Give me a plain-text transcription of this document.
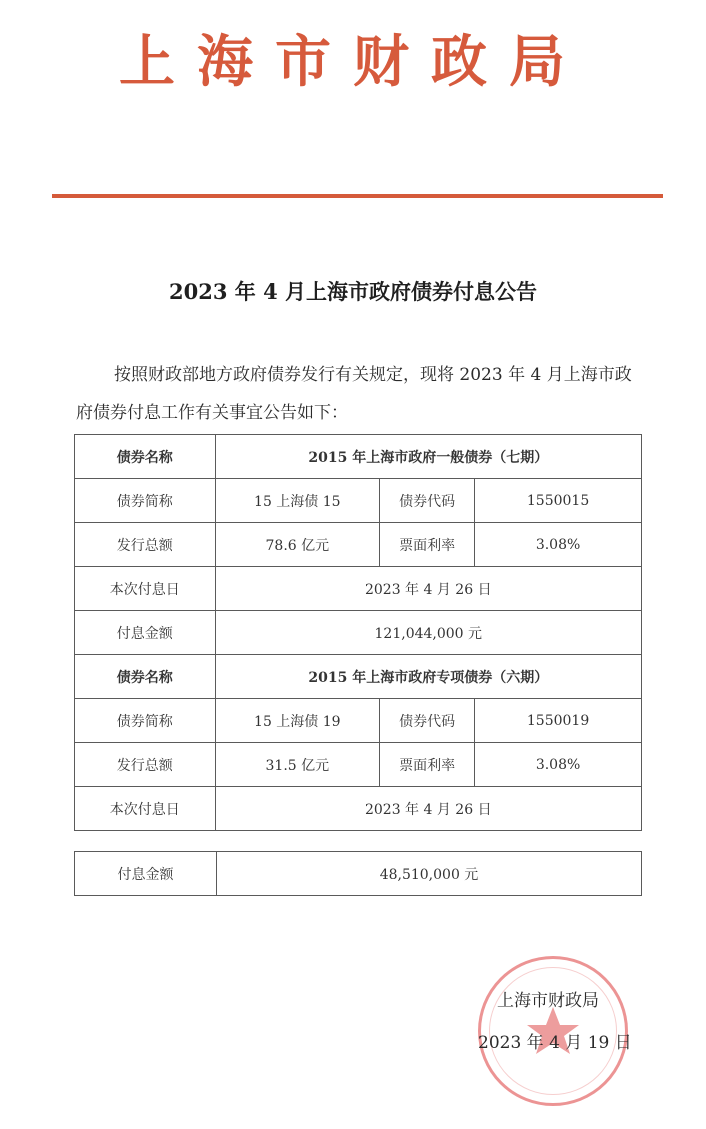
上海市财政局
2023 年 4 月上海市政府债券付息公告
按照财政部地方政府债券发行有关规定，现将 2023 年 4 月上海市政府债券付息工作有关事宜公告如下：
债券名称	2015 年上海市政府一般债券（七期）		
债券简称	15 上海债 15	债券代码	1550015
发行总额	78.6 亿元	票面利率	3.08%
本次付息日	2023 年 4 月 26 日		
付息金额	121,044,000 元		
债券名称	2015 年上海市政府专项债券（六期）		
债券简称	15 上海债 19	债券代码	1550019
发行总额	31.5 亿元	票面利率	3.08%
本次付息日	2023 年 4 月 26 日		
付息金额	48,510,000 元
上海市财政局
2023 年 4 月 19 日
